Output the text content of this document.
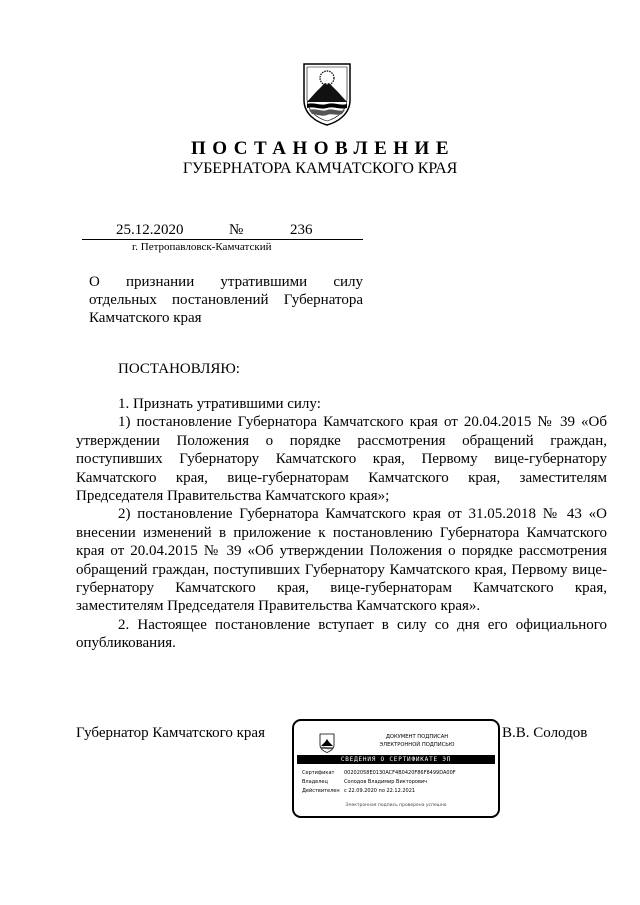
ПОСТАНОВЛЕНИЕ
ГУБЕРНАТОРА КАМЧАТСКОГО КРАЯ
25.12.2020	№	236
г. Петропавловск-Камчатский
О признании утратившими силу отдельных постановлений Губернатора Камчатского края
ПОСТАНОВЛЯЮ:

1. Признать утратившими силу:

1) постановление Губернатора Камчатского края от 20.04.2015 № 39 «Об утверждении Положения о порядке рассмотрения обращений граждан, поступивших Губернатору Камчатского края, Первому вице-губернатору Камчатского края, вице-губернаторам Камчатского края, заместителям Председателя Правительства Камчатского края»;

2) постановление Губернатора Камчатского края от 31.05.2018 № 43 «О внесении изменений в приложение к постановлению Губернатора Камчатского края от 20.04.2015 № 39 «Об утверждении Положения о порядке рассмотрения обращений граждан, поступивших Губернатору Камчатского края, Первому вице-губернатору Камчатского края, вице-губернаторам Камчатского края, заместителям Председателя Правительства Камчатского края».

2. Настоящее постановление вступает в силу со дня его официального опубликования.

Губернатор Камчатского края	В.В. Солодов
ДОКУМЕНТ ПОДПИСАН
ЭЛЕКТРОННОЙ ПОДПИСЬЮ
СВЕДЕНИЯ О СЕРТИФИКАТЕ ЭП
Сертификат 00202058E0130ACF4B0420F86F8499DA00F
Владелец	Солодов Владимир Викторович
Действителен с 22.09.2020 по 22.12.2021
Электронная подпись проверена успешно
